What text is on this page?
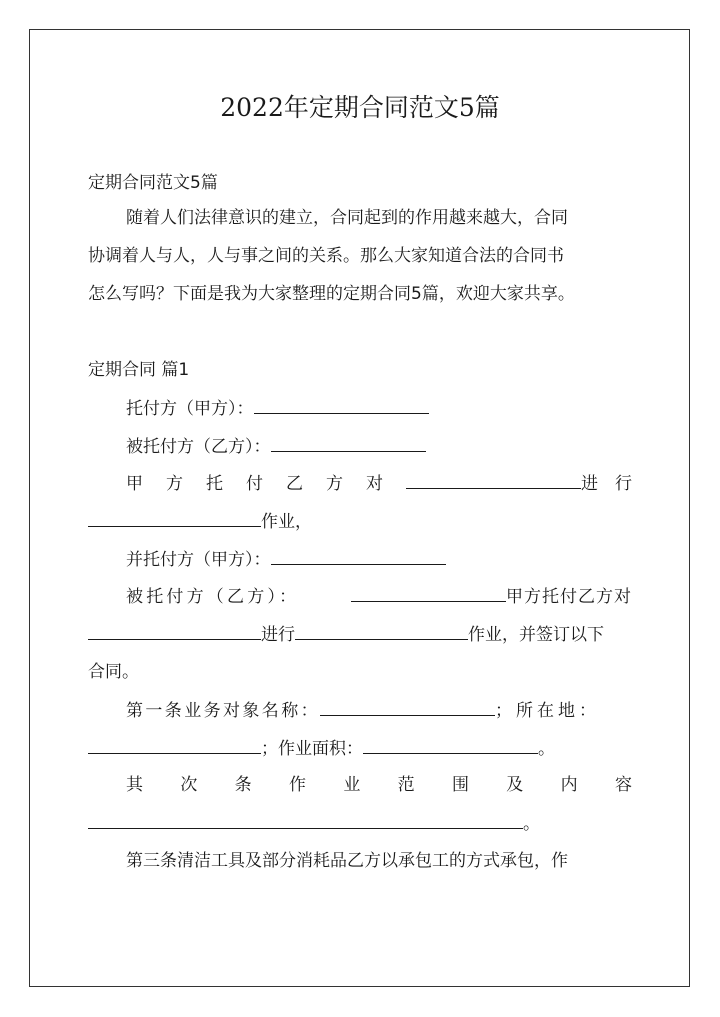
2022年定期合同范文5篇
定期合同范文5篇
随着人们法律意识的建立，合同起到的作用越来越大，合同
协调着人与人，人与事之间的关系。那么大家知道合法的合同书
怎么写吗？下面是我为大家整理的定期合同5篇，欢迎大家共享。
定期合同 篇1
托付方（甲方）：
被托付方（乙方）：
甲 方 托 付 乙 方 对	进　行
作业，
并托付方（甲方）：
被托付方（乙方）：	甲方托付乙方对
进行	作业，并签订以下
合同。
第一条业务对象名称：	；所在地：
；作业面积：	。
其 次 条 作 业 范 围 及 内 容
。
第三条清洁工具及部分消耗品乙方以承包工的方式承包，作
